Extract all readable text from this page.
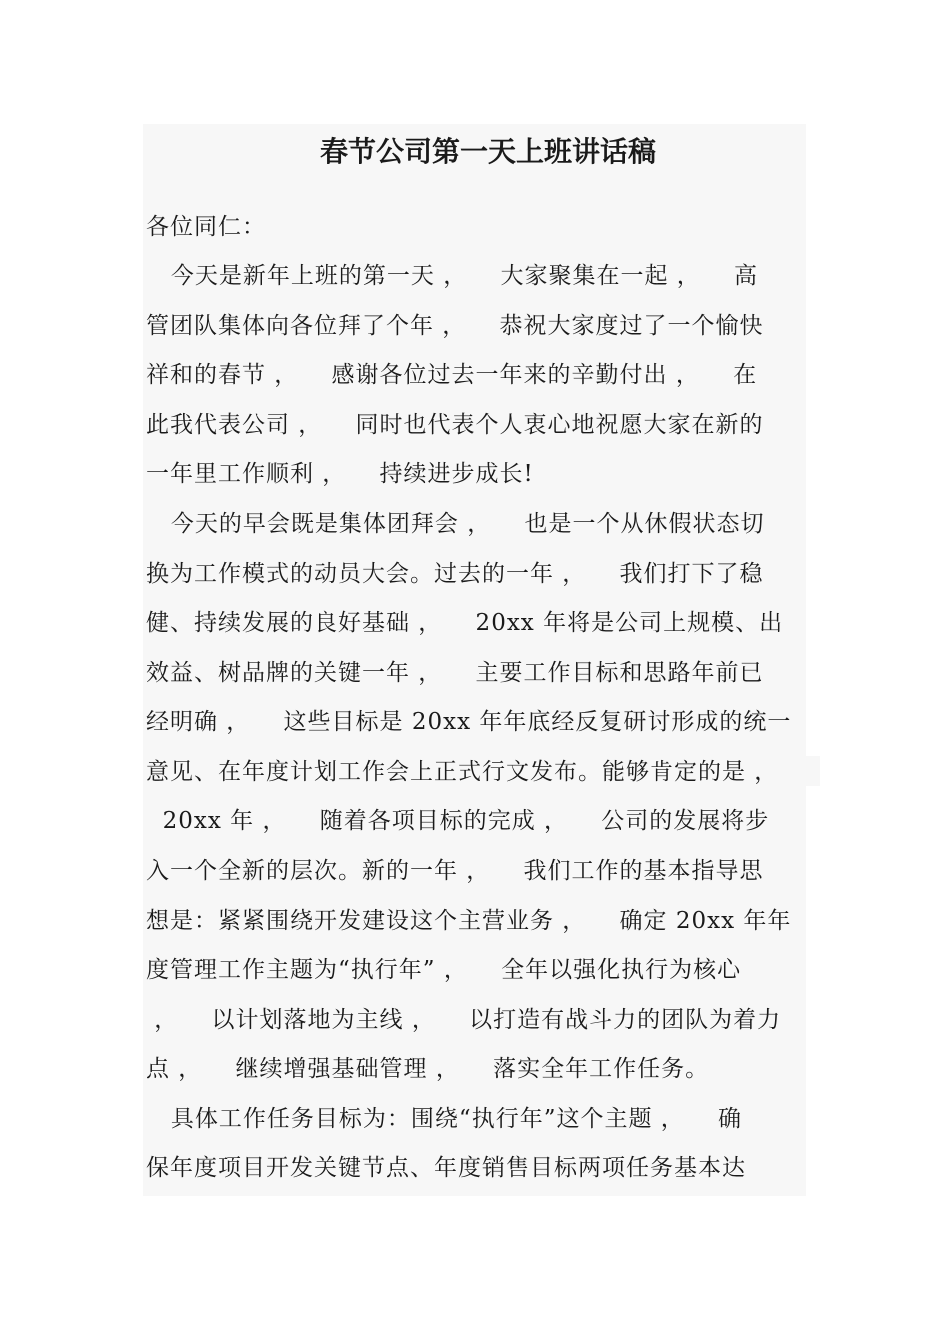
春节公司第一天上班讲话稿
各位同仁：
今天是新年上班的第一天 ，    大家聚集在一起 ，    高
管团队集体向各位拜了个年 ，    恭祝大家度过了一个愉快
祥和的春节 ，    感谢各位过去一年来的辛勤付出 ，    在
此我代表公司 ，    同时也代表个人衷心地祝愿大家在新的
一年里工作顺利 ，    持续进步成长!
今天的早会既是集体团拜会 ，    也是一个从休假状态切
换为工作模式的动员大会。过去的一年 ，    我们打下了稳
健、持续发展的良好基础 ，    20xx 年将是公司上规模、出
效益、树品牌的关键一年 ，    主要工作目标和思路年前已
经明确 ，    这些目标是 20xx 年年底经反复研讨形成的统一
意见、在年度计划工作会上正式行文发布。能够肯定的是 ，
20xx 年 ，    随着各项目标的完成 ，    公司的发展将步
入一个全新的层次。新的一年 ，    我们工作的基本指导思
想是：紧紧围绕开发建设这个主营业务 ，    确定 20xx 年年
度管理工作主题为“执行年” ，    全年以强化执行为核心
，    以计划落地为主线 ，    以打造有战斗力的团队为着力
点 ，    继续增强基础管理 ，    落实全年工作任务。
具体工作任务目标为：围绕“执行年”这个主题 ，    确
保年度项目开发关键节点、年度销售目标两项任务基本达
